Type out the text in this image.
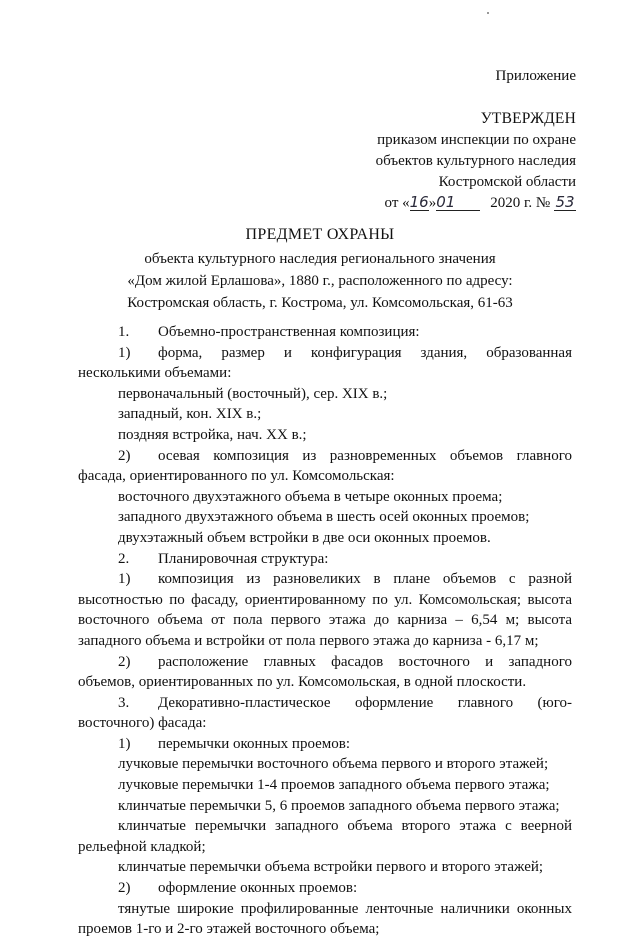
Приложение
УТВЕРЖДЕН
приказом инспекции по охране
объектов культурного наследия
Костромской области
от «16»01 2020 г. № 53
ПРЕДМЕТ ОХРАНЫ
объекта культурного наследия регионального значения
«Дом жилой Ерлашова», 1880 г., расположенного по адресу:
Костромская область, г. Кострома, ул. Комсомольская, 61-63
1. Объемно-пространственная композиция:
1)	форма, размер и конфигурация здания, образованная
несколькими объемами:
первоначальный (восточный), сер. XIX в.;
западный, кон. XIX в.;
поздняя встройка, нач. XX в.;
2)	осевая композиция из разновременных объемов главного
фасада, ориентированного по ул. Комсомольская:
восточного двухэтажного объема в четыре оконных проема;
западного двухэтажного объема в шесть осей оконных проемов;
двухэтажный объем встройки в две оси оконных проемов.
2. Планировочная структура:
1)	композиция из разновеликих в плане объемов с разной
высотностью по фасаду, ориентированному по ул. Комсомольская; высота
восточного объема от пола первого этажа до карниза – 6,54 м; высота
западного объема и встройки от пола первого этажа до карниза - 6,17 м;
2)	расположение главных фасадов восточного и западного
объемов, ориентированных по ул. Комсомольская, в одной плоскости.
3.	Декоративно-пластическое оформление главного (юго-
восточного) фасада:
1) перемычки оконных проемов:
лучковые перемычки восточного объема первого и второго этажей;
лучковые перемычки 1-4 проемов западного объема первого этажа;
клинчатые перемычки 5, 6 проемов западного объема первого этажа;
клинчатые перемычки западного объема второго этажа с веерной
рельефной кладкой;
клинчатые перемычки объема встройки первого и второго этажей;
2) оформление оконных проемов:
тянутые широкие профилированные ленточные наличники оконных
проемов 1-го и 2-го этажей восточного объема;
